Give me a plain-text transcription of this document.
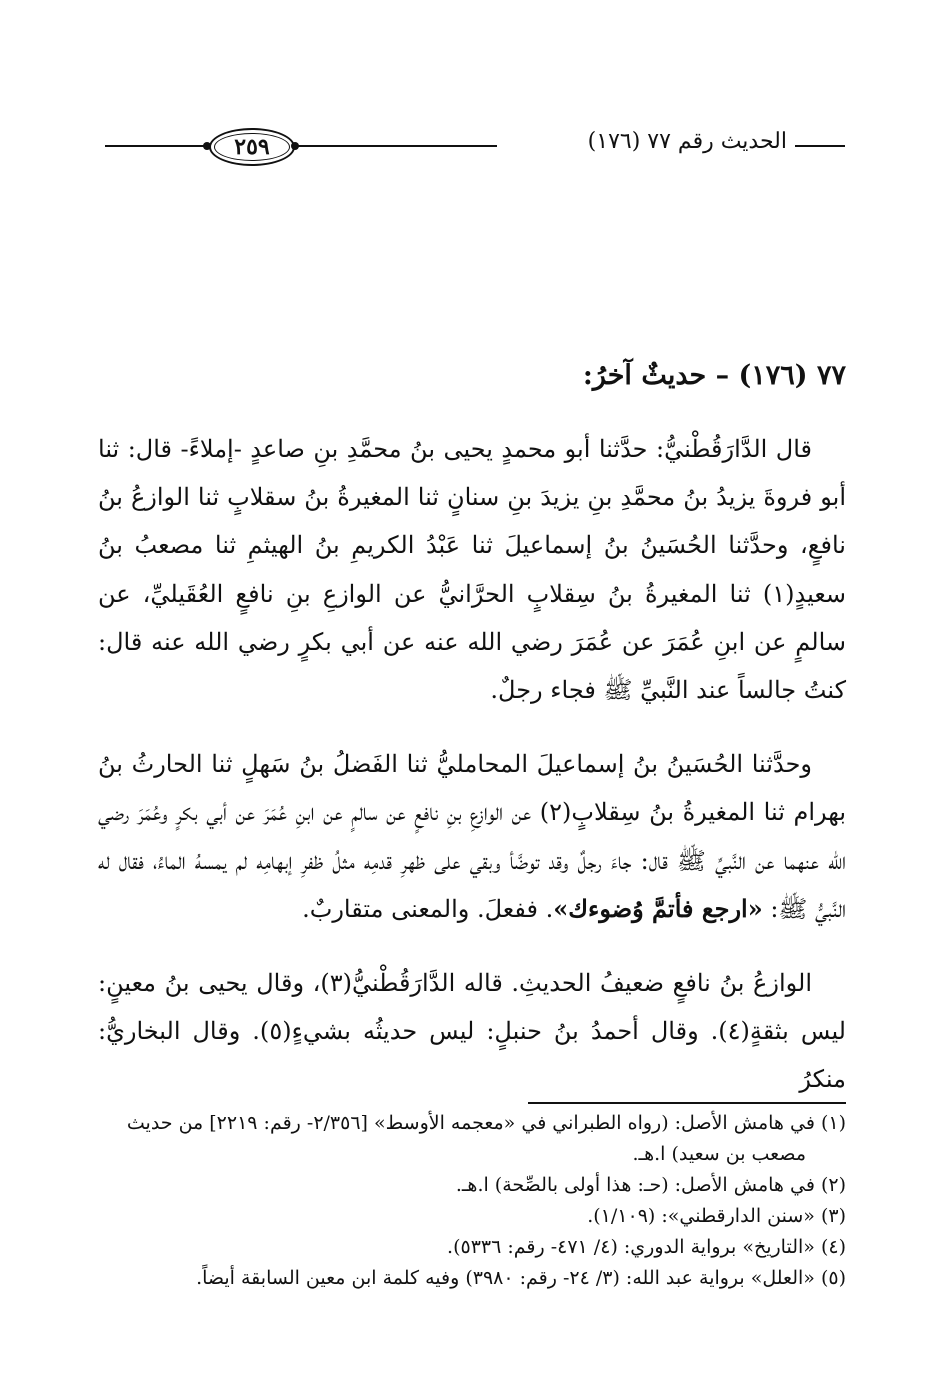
٢٥٩	الحديث رقم ٧٧ (١٧٦)
٧٧ (١٧٦) – حديثٌ آخرُ:

قال الدَّارَقُطْنيُّ: حدَّثنا أبو محمدٍ يحيى بنُ محمَّدِ بنِ صاعدٍ -إملاءً- قال: ثنا أبو فروةَ يزيدُ بنُ محمَّدِ بنِ يزيدَ بنِ سنانٍ ثنا المغيرةُ بنُ سقلابٍ ثنا الوازعُ بنُ نافعٍ، وحدَّثنا الحُسَينُ بنُ إسماعيلَ ثنا عَبْدُ الكريمِ بنُ الهيثمِ ثنا مصعبُ بنُ سعيدٍ(١) ثنا المغيرةُ بنُ سِقلابٍ الحرَّانيُّ عن الوازعِ بنِ نافعٍ العُقَيليِّ، عن سالمٍ عن ابنِ عُمَرَ عن عُمَرَ رضي الله عنه عن أبي بكرٍ رضي الله عنه قال: كنتُ جالساً عند النَّبيِّ ﷺ فجاء رجلٌ.

وحدَّثنا الحُسَينُ بنُ إسماعيلَ المحامليُّ ثنا الفَضلُ بنُ سَهلٍ ثنا الحارثُ بنُ بهرام ثنا المغيرةُ بنُ سِقلابٍ(٢) عن الوازعِ بنِ نافعٍ عن سالمٍ عن ابنِ عُمَرَ عن أبي بكرٍ وعُمَرَ رضي الله عنهما عن النَّبيِّ ﷺ قال: جاءَ رجلٌ وقد توضَّأ وبقي على ظهرِ قدمِه مثلُ ظفرِ إبهامِه لم يمسهُ الماءُ، فقال له النَّبيُّ ﷺ: «ارجع فأتمَّ وُضوءك». ففعلَ. والمعنى متقاربٌ.

الوازعُ بنُ نافعٍ ضعيفُ الحديثِ. قاله الدَّارَقُطْنيُّ(٣)، وقال يحيى بنُ معينٍ: ليس بثقةٍ(٤). وقال أحمدُ بنُ حنبلٍ: ليس حديثُه بشيءٍ(٥). وقال البخاريُّ: منكرُ

(١) في هامش الأصل: (رواه الطبراني في «معجمه الأوسط» [٢/٣٥٦- رقم: ٢٢١٩] من حديث

مصعب بن سعيد) ا.هـ.

(٢) في هامش الأصل: (حـ: هذا أولى بالصِّحة) ا.هـ.

(٣) «سنن الدارقطني»: (١/١٠٩).

(٤) «التاريخ» برواية الدوري: (٤/ ٤٧١- رقم: ٥٣٣٦).

(٥) «العلل» برواية عبد الله: (٣/ ٢٤- رقم: ٣٩٨٠) وفيه كلمة ابن معين السابقة أيضاً.
